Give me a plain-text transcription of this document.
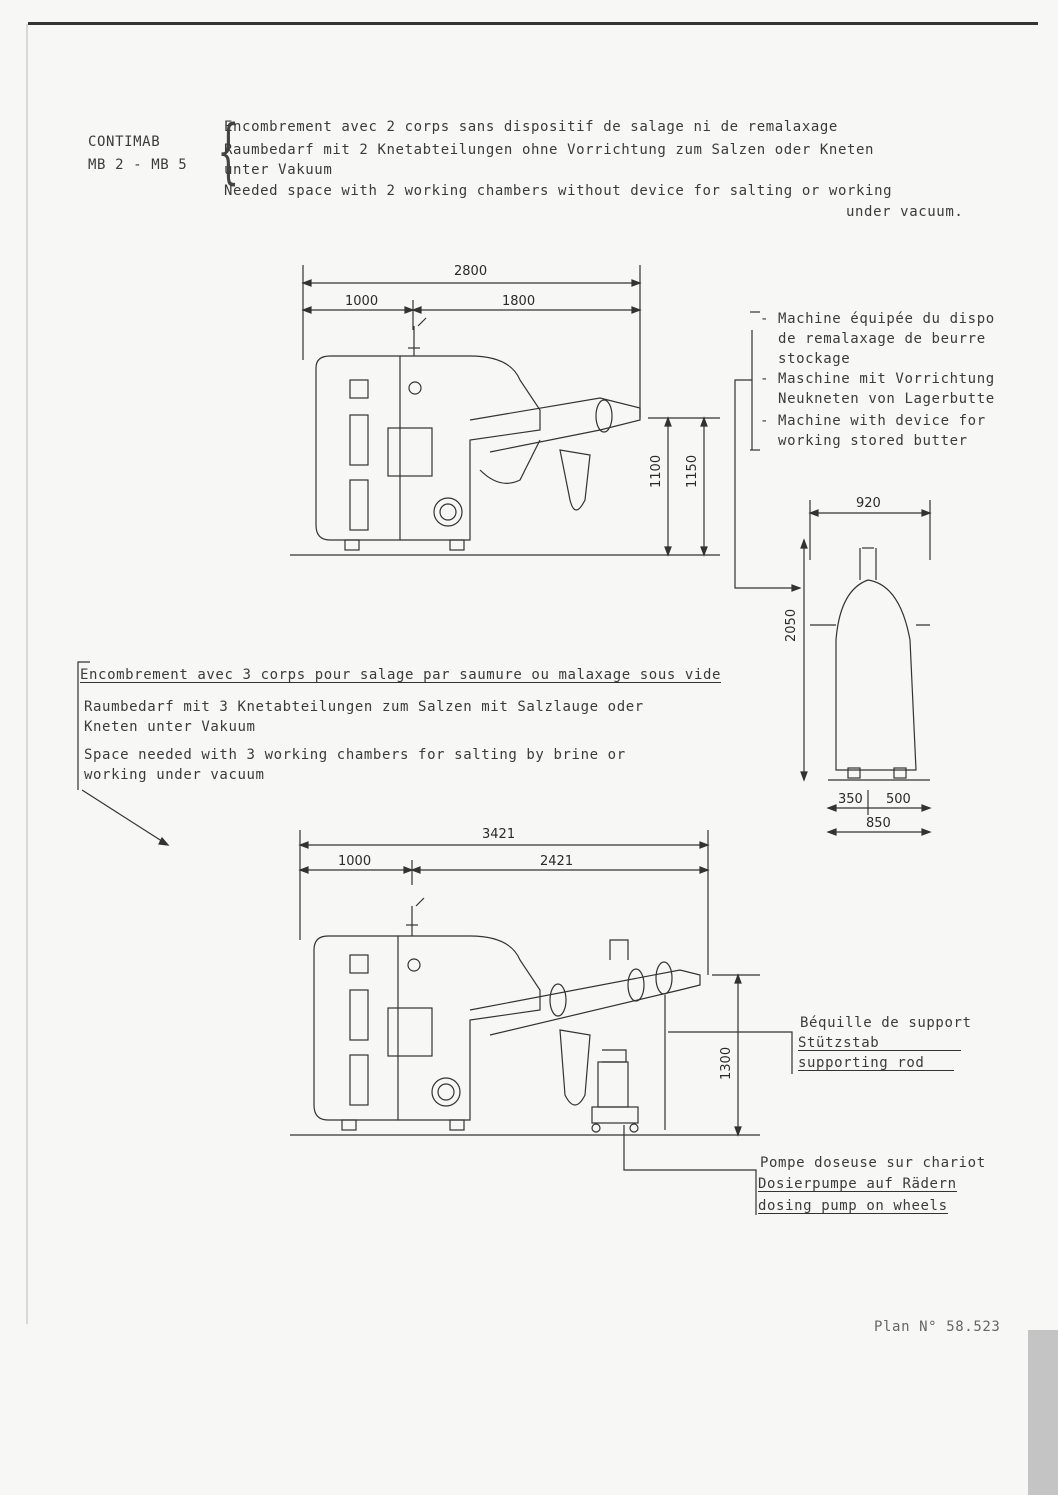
CONTIMAB
MB 2 - MB 5 {
Encombrement avec 2 corps sans dispositif de salage ni de remalaxage
Raumbedarf mit 2 Knetabteilungen ohne Vorrichtung zum Salzen oder Kneten
unter Vakuum
Needed space with 2 working chambers without device for salting or working
under vacuum.
2800
1000	1800
1100 1150
- Machine équipée du dispo
de remalaxage de beurre
stockage
- Maschine mit Vorrichtung
Neukneten von Lagerbutte
- Machine with device for
working stored butter
920
2050
350 500
850
Encombrement avec 3 corps pour salage par saumure ou malaxage sous vide
Raumbedarf mit 3 Knetabteilungen zum Salzen mit Salzlauge oder
Kneten unter Vakuum
Space needed with 3 working chambers for salting by brine or
working under vacuum
3421
1000	2421
1300
Béquille de support
Stützstab
supporting rod
Pompe doseuse sur chariot
Dosierpumpe auf Rädern
dosing pump on wheels
Plan N° 58.523
